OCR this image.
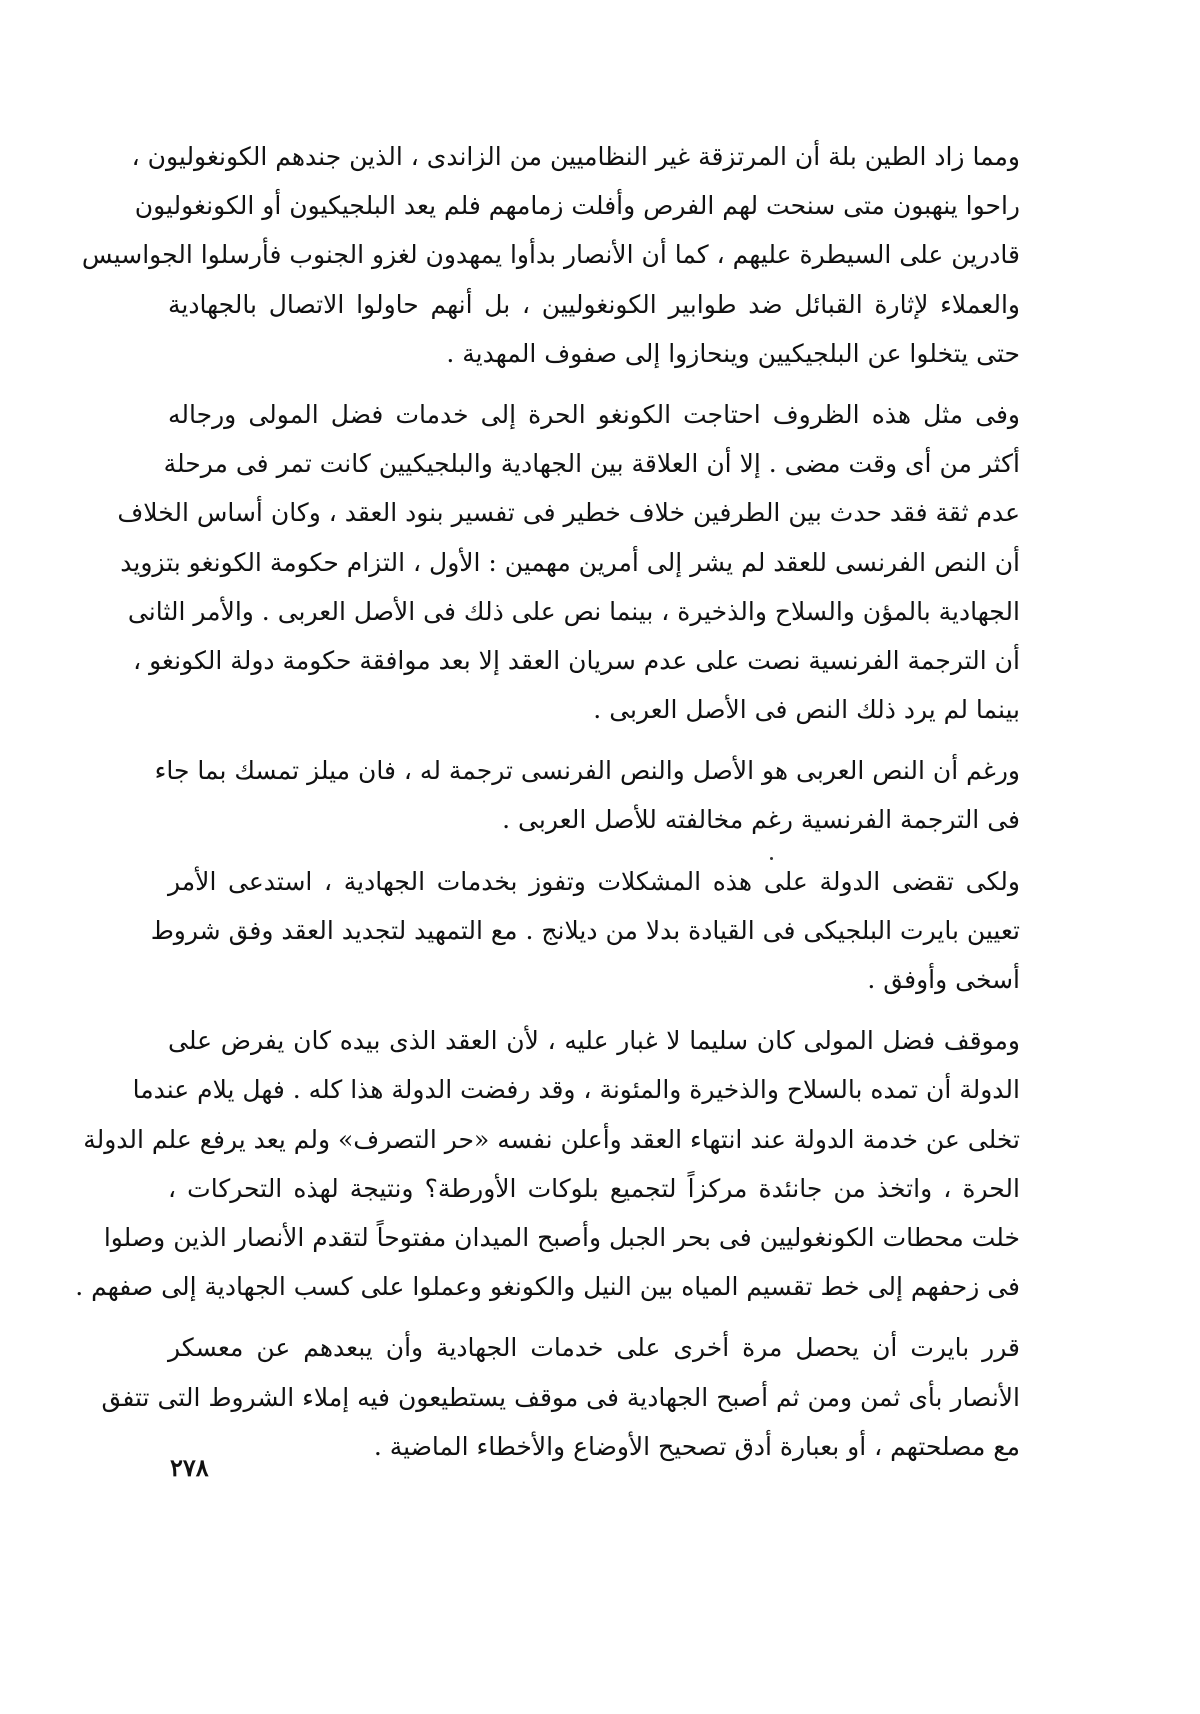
ومما زاد الطين بلة أن المرتزقة غير النظاميين من الزاندى ، الذين جندهم الكونغوليون ،
راحوا ينهبون متى سنحت لهم الفرص وأفلت زمامهم فلم يعد البلجيكيون أو الكونغوليون
قادرين على السيطرة عليهم ، كما أن الأنصار بدأوا يمهدون لغزو الجنوب فأرسلوا الجواسيس
والعملاء لإثارة القبائل ضد طوابير الكونغوليين ، بل أنهم حاولوا الاتصال بالجهادية
حتى يتخلوا عن البلجيكيين وينحازوا إلى صفوف المهدية .
وفى مثل هذه الظروف احتاجت الكونغو الحرة إلى خدمات فضل المولى ورجاله
أكثر من أى وقت مضى . إلا أن العلاقة بين الجهادية والبلجيكيين كانت تمر فى مرحلة
عدم ثقة فقد حدث بين الطرفين خلاف خطير فى تفسير بنود العقد ، وكان أساس الخلاف
أن النص الفرنسى للعقد لم يشر إلى أمرين مهمين : الأول ، التزام حكومة الكونغو بتزويد
الجهادية بالمؤن والسلاح والذخيرة ، بينما نص على ذلك فى الأصل العربى . والأمر الثانى
أن الترجمة الفرنسية نصت على عدم سريان العقد إلا بعد موافقة حكومة دولة الكونغو ،
بينما لم يرد ذلك النص فى الأصل العربى .
ورغم أن النص العربى هو الأصل والنص الفرنسى ترجمة له ، فان ميلز تمسك بما جاء
فى الترجمة الفرنسية رغم مخالفته للأصل العربى .
ولكى تقضى الدولة على هذه المشكلات وتفوز بخدمات الجهادية ، استدعى الأمر
تعيين بايرت البلجيكى فى القيادة بدلا من ديلانج . مع التمهيد لتجديد العقد وفق شروط
أسخى وأوفق .
وموقف فضل المولى كان سليما لا غبار عليه ، لأن العقد الذى بيده كان يفرض على
الدولة أن تمده بالسلاح والذخيرة والمئونة ، وقد رفضت الدولة هذا كله . فهل يلام عندما
تخلى عن خدمة الدولة عند انتهاء العقد وأعلن نفسه «حر التصرف» ولم يعد يرفع علم الدولة
الحرة ، واتخذ من جانئدة مركزاً لتجميع بلوكات الأورطة؟ ونتيجة لهذه التحركات ،
خلت محطات الكونغوليين فى بحر الجبل وأصبح الميدان مفتوحاً لتقدم الأنصار الذين وصلوا
فى زحفهم إلى خط تقسيم المياه بين النيل والكونغو وعملوا على كسب الجهادية إلى صفهم .
قرر بايرت أن يحصل مرة أخرى على خدمات الجهادية وأن يبعدهم عن معسكر
الأنصار بأى ثمن ومن ثم أصبح الجهادية فى موقف يستطيعون فيه إملاء الشروط التى تتفق
مع مصلحتهم ، أو بعبارة أدق تصحيح الأوضاع والأخطاء الماضية .
٢٧٨
